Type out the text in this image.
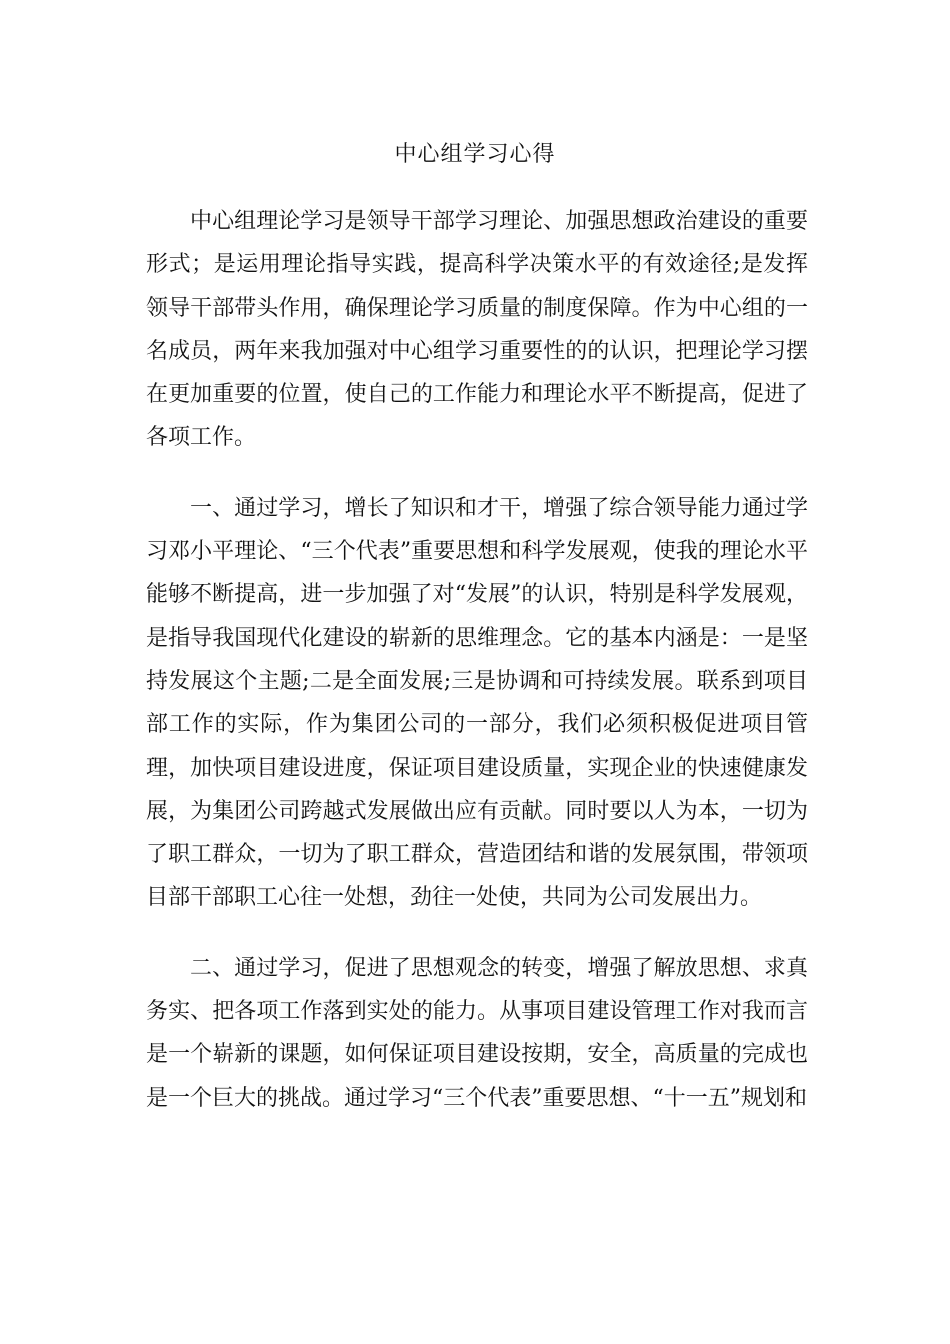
中心组学习心得

中心组理论学习是领导干部学习理论、加强思想政治建设的重要形式；是运用理论指导实践，提高科学决策水平的有效途径;是发挥领导干部带头作用，确保理论学习质量的制度保障。作为中心组的一名成员，两年来我加强对中心组学习重要性的的认识，把理论学习摆在更加重要的位置，使自己的工作能力和理论水平不断提高，促进了各项工作。

一、通过学习，增长了知识和才干，增强了综合领导能力通过学习邓小平理论、“三个代表”重要思想和科学发展观，使我的理论水平能够不断提高，进一步加强了对“发展”的认识，特别是科学发展观，是指导我国现代化建设的崭新的思维理念。它的基本内涵是：一是坚持发展这个主题;二是全面发展;三是协调和可持续发展。联系到项目部工作的实际，作为集团公司的一部分，我们必须积极促进项目管理，加快项目建设进度，保证项目建设质量，实现企业的快速健康发展，为集团公司跨越式发展做出应有贡献。同时要以人为本，一切为了职工群众，一切为了职工群众，营造团结和谐的发展氛围，带领项目部干部职工心往一处想，劲往一处使，共同为公司发展出力。

二、通过学习，促进了思想观念的转变，增强了解放思想、求真务实、把各项工作落到实处的能力。从事项目建设管理工作对我而言是一个崭新的课题，如何保证项目建设按期，安全，高质量的完成也是一个巨大的挑战。通过学习“三个代表”重要思想、“十一五”规划和
